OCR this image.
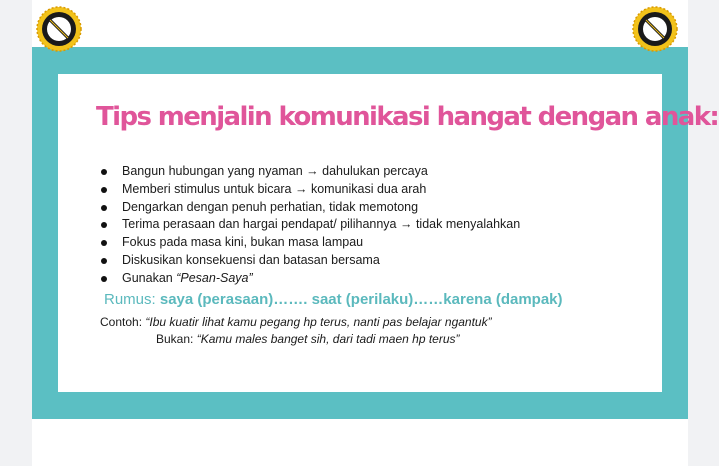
Tips menjalin komunikasi hangat dengan anak:
Bangun hubungan yang nyaman → dahulukan percaya
Memberi stimulus untuk bicara → komunikasi dua arah
Dengarkan dengan penuh perhatian, tidak memotong
Terima perasaan dan hargai pendapat/ pilihannya → tidak menyalahkan
Fokus pada masa kini, bukan masa lampau
Diskusikan konsekuensi dan batasan bersama
Gunakan “Pesan-Saya”
Rumus: saya (perasaan)……. saat (perilaku)……karena (dampak)
Contoh: “Ibu kuatir lihat kamu pegang hp terus, nanti pas belajar ngantuk”
Bukan: “Kamu males banget sih, dari tadi maen hp terus”
